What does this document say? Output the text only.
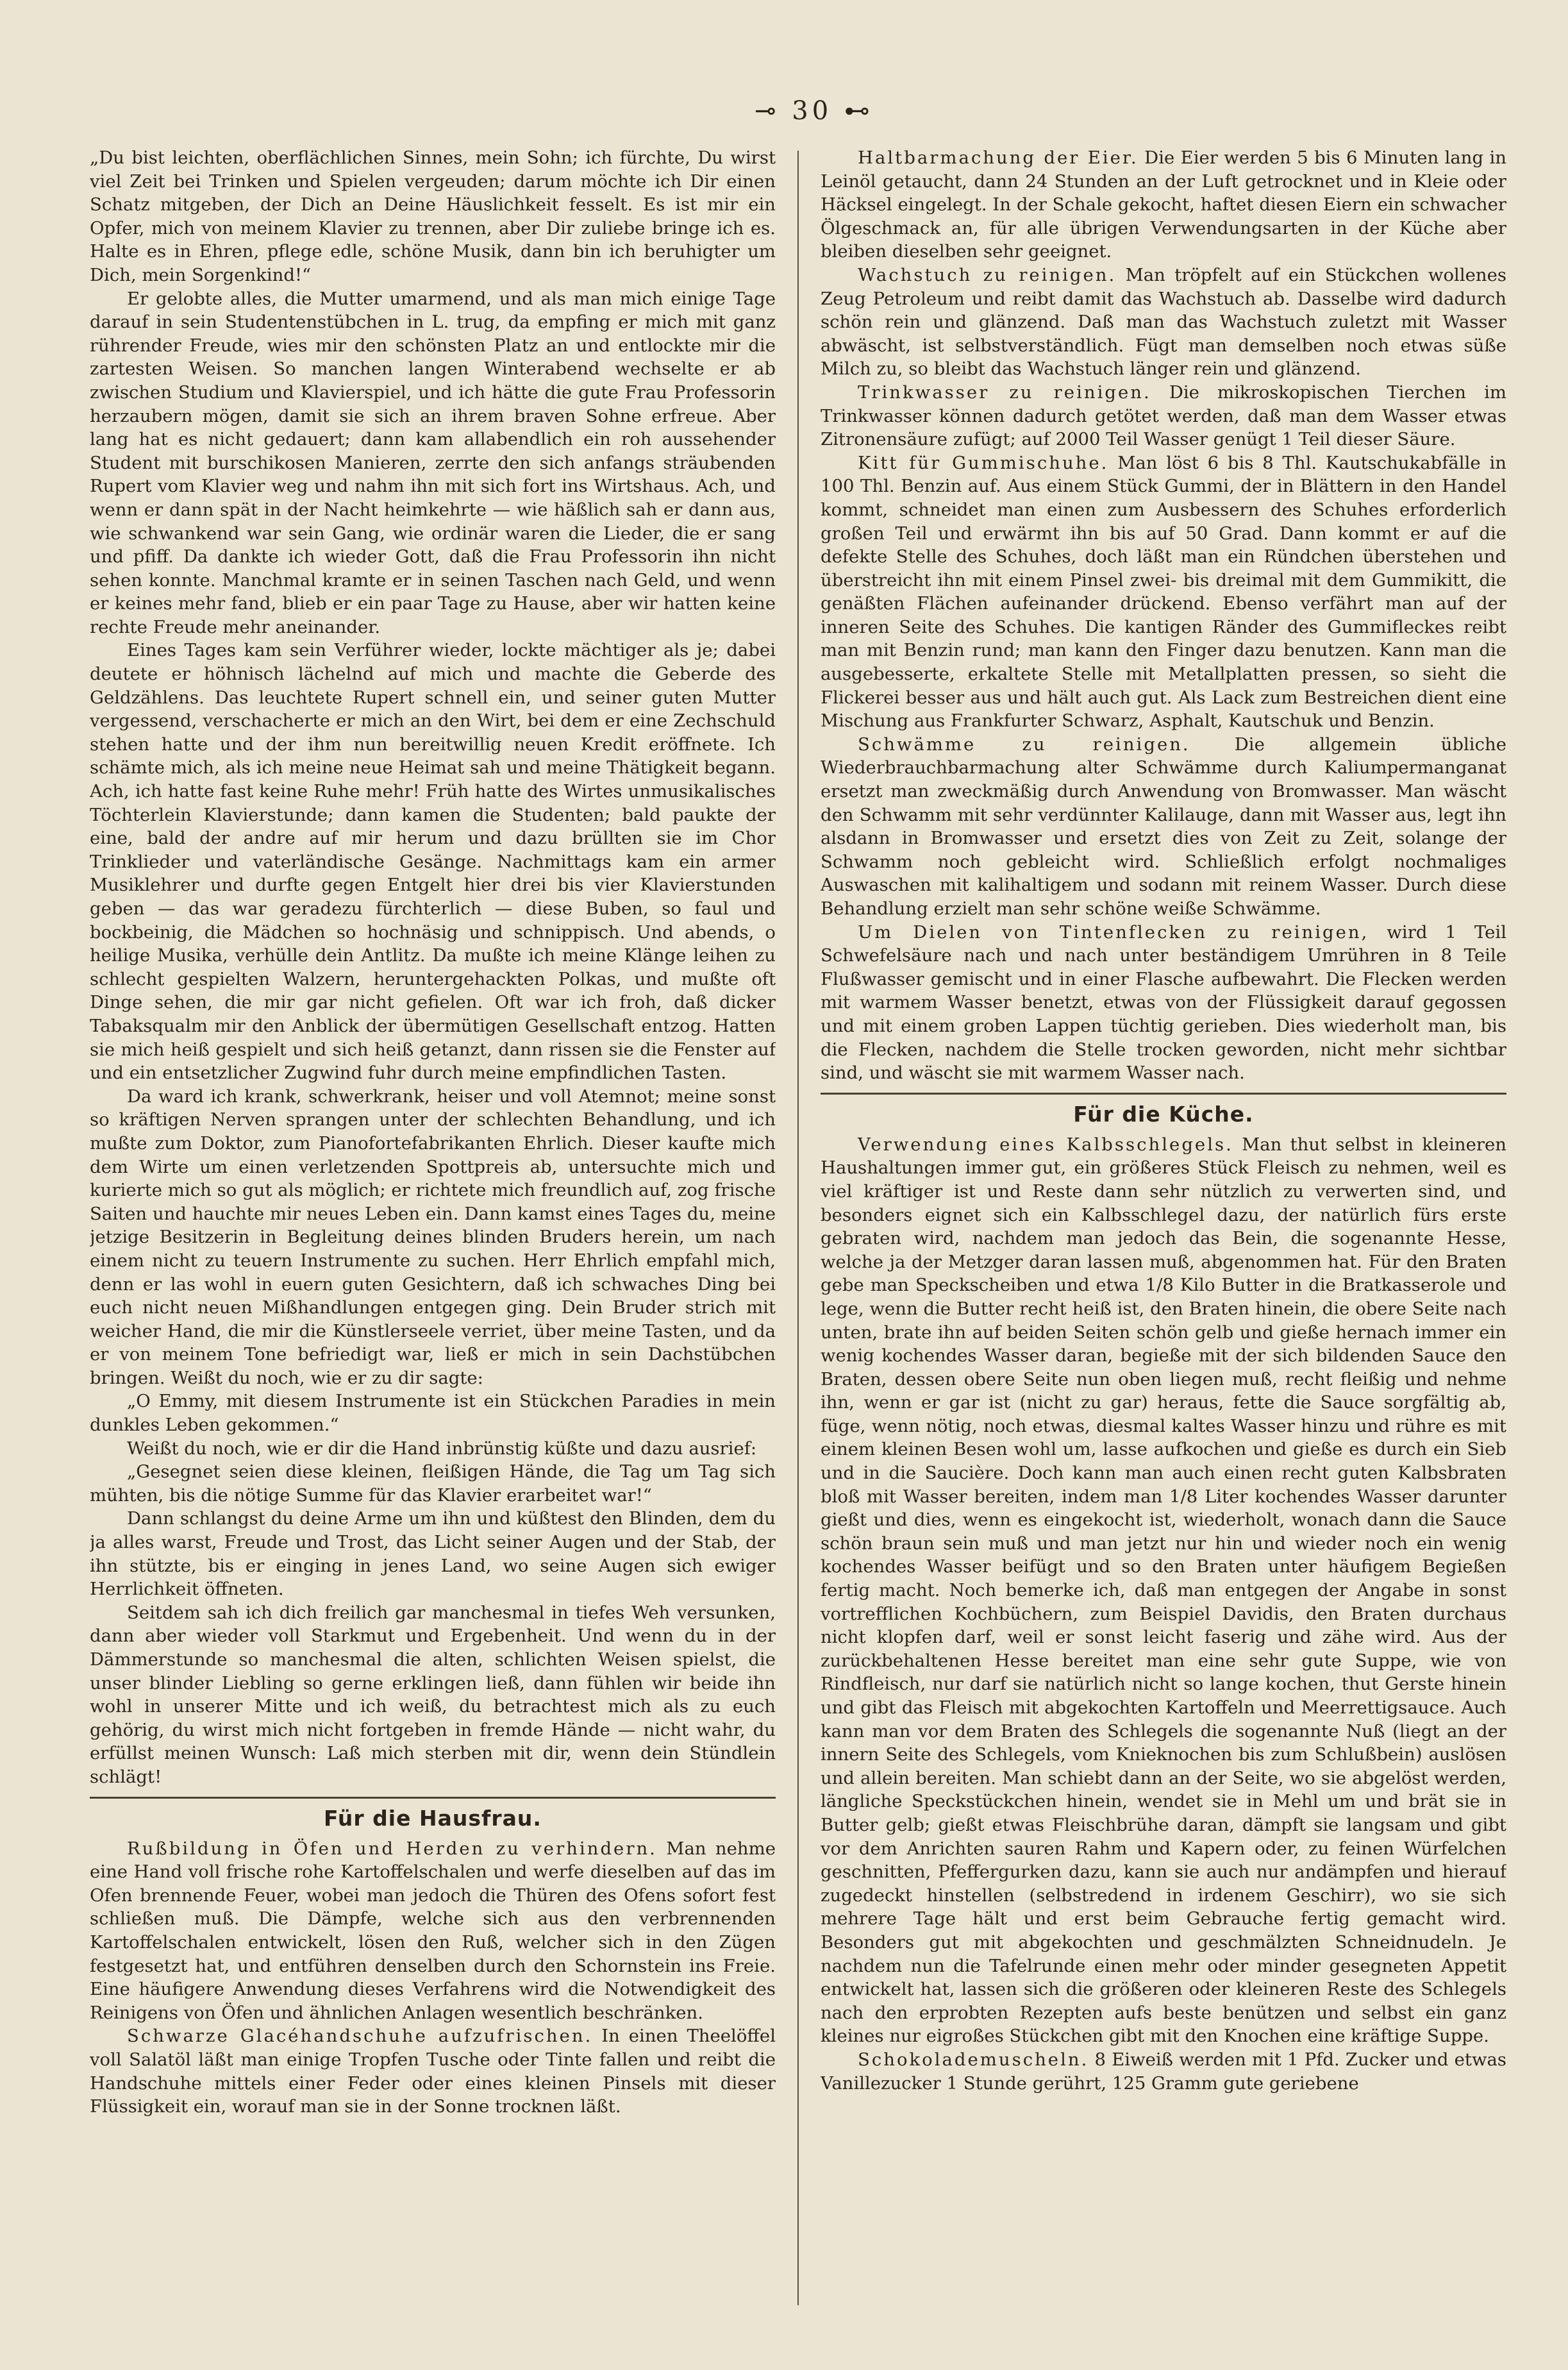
⊸ 30 ⊷

„Du bist leichten, oberflächlichen Sinnes, mein Sohn; ich fürchte, Du wirst viel Zeit bei Trinken und Spielen vergeuden; darum möchte ich Dir einen Schatz mitgeben, der Dich an Deine Häuslichkeit fesselt. Es ist mir ein Opfer, mich von meinem Klavier zu trennen, aber Dir zuliebe bringe ich es. Halte es in Ehren, pflege edle, schöne Musik, dann bin ich beruhigter um Dich, mein Sorgenkind!“

Er gelobte alles, die Mutter umarmend, und als man mich einige Tage darauf in sein Studentenstübchen in L. trug, da empfing er mich mit ganz rührender Freude, wies mir den schönsten Platz an und entlockte mir die zartesten Weisen. So manchen langen Winterabend wechselte er ab zwischen Studium und Klavierspiel, und ich hätte die gute Frau Professorin herzaubern mögen, damit sie sich an ihrem braven Sohne erfreue. Aber lang hat es nicht gedauert; dann kam allabendlich ein roh aussehender Student mit burschikosen Manieren, zerrte den sich anfangs sträubenden Rupert vom Klavier weg und nahm ihn mit sich fort ins Wirtshaus. Ach, und wenn er dann spät in der Nacht heimkehrte — wie häßlich sah er dann aus, wie schwankend war sein Gang, wie ordinär waren die Lieder, die er sang und pfiff. Da dankte ich wieder Gott, daß die Frau Professorin ihn nicht sehen konnte. Manchmal kramte er in seinen Taschen nach Geld, und wenn er keines mehr fand, blieb er ein paar Tage zu Hause, aber wir hatten keine rechte Freude mehr aneinander.

Eines Tages kam sein Verführer wieder, lockte mächtiger als je; dabei deutete er höhnisch lächelnd auf mich und machte die Geberde des Geldzählens. Das leuchtete Rupert schnell ein, und seiner guten Mutter vergessend, verschacherte er mich an den Wirt, bei dem er eine Zechschuld stehen hatte und der ihm nun bereitwillig neuen Kredit eröffnete. Ich schämte mich, als ich meine neue Heimat sah und meine Thätigkeit begann. Ach, ich hatte fast keine Ruhe mehr! Früh hatte des Wirtes unmusikalisches Töchterlein Klavierstunde; dann kamen die Studenten; bald paukte der eine, bald der andre auf mir herum und dazu brüllten sie im Chor Trinklieder und vaterländische Gesänge. Nachmittags kam ein armer Musiklehrer und durfte gegen Entgelt hier drei bis vier Klavierstunden geben — das war geradezu fürchterlich — diese Buben, so faul und bockbeinig, die Mädchen so hochnäsig und schnippisch. Und abends, o heilige Musika, verhülle dein Antlitz. Da mußte ich meine Klänge leihen zu schlecht gespielten Walzern, heruntergehackten Polkas, und mußte oft Dinge sehen, die mir gar nicht gefielen. Oft war ich froh, daß dicker Tabaksqualm mir den Anblick der übermütigen Gesellschaft entzog. Hatten sie mich heiß gespielt und sich heiß getanzt, dann rissen sie die Fenster auf und ein entsetzlicher Zugwind fuhr durch meine empfindlichen Tasten.

Da ward ich krank, schwerkrank, heiser und voll Atemnot; meine sonst so kräftigen Nerven sprangen unter der schlechten Behandlung, und ich mußte zum Doktor, zum Pianofortefabrikanten Ehrlich. Dieser kaufte mich dem Wirte um einen verletzenden Spottpreis ab, untersuchte mich und kurierte mich so gut als möglich; er richtete mich freundlich auf, zog frische Saiten und hauchte mir neues Leben ein. Dann kamst eines Tages du, meine jetzige Besitzerin in Begleitung deines blinden Bruders herein, um nach einem nicht zu teuern Instrumente zu suchen. Herr Ehrlich empfahl mich, denn er las wohl in euern guten Gesichtern, daß ich schwaches Ding bei euch nicht neuen Mißhandlungen entgegen ging. Dein Bruder strich mit weicher Hand, die mir die Künstlerseele verriet, über meine Tasten, und da er von meinem Tone befriedigt war, ließ er mich in sein Dachstübchen bringen. Weißt du noch, wie er zu dir sagte:

„O Emmy, mit diesem Instrumente ist ein Stückchen Paradies in mein dunkles Leben gekommen.“

Weißt du noch, wie er dir die Hand inbrünstig küßte und dazu ausrief:

„Gesegnet seien diese kleinen, fleißigen Hände, die Tag um Tag sich mühten, bis die nötige Summe für das Klavier erarbeitet war!“

Dann schlangst du deine Arme um ihn und küßtest den Blinden, dem du ja alles warst, Freude und Trost, das Licht seiner Augen und der Stab, der ihn stützte, bis er einging in jenes Land, wo seine Augen sich ewiger Herrlichkeit öffneten.

Seitdem sah ich dich freilich gar manchesmal in tiefes Weh versunken, dann aber wieder voll Starkmut und Ergebenheit. Und wenn du in der Dämmerstunde so manchesmal die alten, schlichten Weisen spielst, die unser blinder Liebling so gerne erklingen ließ, dann fühlen wir beide ihn wohl in unserer Mitte und ich weiß, du betrachtest mich als zu euch gehörig, du wirst mich nicht fortgeben in fremde Hände — nicht wahr, du erfüllst meinen Wunsch: Laß mich sterben mit dir, wenn dein Stündlein schlägt!

Für die Hausfrau.

Rußbildung in Öfen und Herden zu verhindern. Man nehme eine Hand voll frische rohe Kartoffelschalen und werfe dieselben auf das im Ofen brennende Feuer, wobei man jedoch die Thüren des Ofens sofort fest schließen muß. Die Dämpfe, welche sich aus den verbrennenden Kartoffelschalen entwickelt, lösen den Ruß, welcher sich in den Zügen festgesetzt hat, und entführen denselben durch den Schornstein ins Freie. Eine häufigere Anwendung dieses Verfahrens wird die Notwendigkeit des Reinigens von Öfen und ähnlichen Anlagen wesentlich beschränken.

Schwarze Glacéhandschuhe aufzufrischen. In einen Theelöffel voll Salatöl läßt man einige Tropfen Tusche oder Tinte fallen und reibt die Handschuhe mittels einer Feder oder eines kleinen Pinsels mit dieser Flüssigkeit ein, worauf man sie in der Sonne trocknen läßt.

Haltbarmachung der Eier. Die Eier werden 5 bis 6 Minuten lang in Leinöl getaucht, dann 24 Stunden an der Luft getrocknet und in Kleie oder Häcksel eingelegt. In der Schale gekocht, haftet diesen Eiern ein schwacher Ölgeschmack an, für alle übrigen Verwendungsarten in der Küche aber bleiben dieselben sehr geeignet.

Wachstuch zu reinigen. Man tröpfelt auf ein Stückchen wollenes Zeug Petroleum und reibt damit das Wachstuch ab. Dasselbe wird dadurch schön rein und glänzend. Daß man das Wachstuch zuletzt mit Wasser abwäscht, ist selbstverständlich. Fügt man demselben noch etwas süße Milch zu, so bleibt das Wachstuch länger rein und glänzend.

Trinkwasser zu reinigen. Die mikroskopischen Tierchen im Trinkwasser können dadurch getötet werden, daß man dem Wasser etwas Zitronensäure zufügt; auf 2000 Teil Wasser genügt 1 Teil dieser Säure.

Kitt für Gummischuhe. Man löst 6 bis 8 Thl. Kautschukabfälle in 100 Thl. Benzin auf. Aus einem Stück Gummi, der in Blättern in den Handel kommt, schneidet man einen zum Ausbessern des Schuhes erforderlich großen Teil und erwärmt ihn bis auf 50 Grad. Dann kommt er auf die defekte Stelle des Schuhes, doch läßt man ein Ründchen überstehen und überstreicht ihn mit einem Pinsel zwei- bis dreimal mit dem Gummikitt, die genäßten Flächen aufeinander drückend. Ebenso verfährt man auf der inneren Seite des Schuhes. Die kantigen Ränder des Gummifleckes reibt man mit Benzin rund; man kann den Finger dazu benutzen. Kann man die ausgebesserte, erkaltete Stelle mit Metallplatten pressen, so sieht die Flickerei besser aus und hält auch gut. Als Lack zum Bestreichen dient eine Mischung aus Frankfurter Schwarz, Asphalt, Kautschuk und Benzin.

Schwämme zu reinigen.	Die allgemein übliche Wiederbrauchbarmachung alter Schwämme durch Kaliumpermanganat ersetzt man zweckmäßig durch Anwendung von Bromwasser. Man wäscht den Schwamm mit sehr verdünnter Kalilauge, dann mit Wasser aus, legt ihn alsdann in Bromwasser und ersetzt dies von Zeit zu Zeit, solange der Schwamm noch gebleicht wird. Schließlich erfolgt nochmaliges Auswaschen mit kalihaltigem und sodann mit reinem Wasser. Durch diese Behandlung erzielt man sehr schöne weiße Schwämme.

Um Dielen von Tintenflecken zu reinigen, wird 1 Teil Schwefelsäure nach und nach unter beständigem Umrühren in 8 Teile Flußwasser gemischt und in einer Flasche aufbewahrt. Die Flecken werden mit warmem Wasser benetzt, etwas von der Flüssigkeit darauf gegossen und mit einem groben Lappen tüchtig gerieben. Dies wiederholt man, bis die Flecken, nachdem die Stelle trocken geworden, nicht mehr sichtbar sind, und wäscht sie mit warmem Wasser nach.

Für die Küche.

Verwendung eines Kalbsschlegels. Man thut selbst in kleineren Haushaltungen immer gut, ein größeres Stück Fleisch zu nehmen, weil es viel kräftiger ist und Reste dann sehr nützlich zu verwerten sind, und besonders eignet sich ein Kalbsschlegel dazu, der natürlich fürs erste gebraten wird, nachdem man jedoch das Bein, die sogenannte Hesse, welche ja der Metzger daran lassen muß, abgenommen hat. Für den Braten gebe man Speckscheiben und etwa 1/8 Kilo Butter in die Bratkasserole und lege, wenn die Butter recht heiß ist, den Braten hinein, die obere Seite nach unten, brate ihn auf beiden Seiten schön gelb und gieße hernach immer ein wenig kochendes Wasser daran, begieße mit der sich bildenden Sauce den Braten, dessen obere Seite nun oben liegen muß, recht fleißig und nehme ihn, wenn er gar ist (nicht zu gar) heraus, fette die Sauce sorgfältig ab, füge, wenn nötig, noch etwas, diesmal kaltes Wasser hinzu und rühre es mit einem kleinen Besen wohl um, lasse aufkochen und gieße es durch ein Sieb und in die Saucière. Doch kann man auch einen recht guten Kalbsbraten bloß mit Wasser bereiten, indem man 1/8 Liter kochendes Wasser darunter gießt und dies, wenn es eingekocht ist, wiederholt, wonach dann die Sauce schön braun sein muß und man jetzt nur hin und wieder noch ein wenig kochendes Wasser beifügt und so den Braten unter häufigem Begießen fertig macht. Noch bemerke ich, daß man entgegen der Angabe in sonst vortrefflichen Kochbüchern, zum Beispiel Davidis, den Braten durchaus nicht klopfen darf, weil er sonst leicht faserig und zähe wird. Aus der zurückbehaltenen Hesse bereitet man eine sehr gute Suppe, wie von Rindfleisch, nur darf sie natürlich nicht so lange kochen, thut Gerste hinein und gibt das Fleisch mit abgekochten Kartoffeln und Meerrettigsauce. Auch kann man vor dem Braten des Schlegels die sogenannte Nuß (liegt an der innern Seite des Schlegels, vom Knieknochen bis zum Schlußbein) auslösen und allein bereiten. Man schiebt dann an der Seite, wo sie abgelöst werden, längliche Speckstückchen hinein, wendet sie in Mehl um und brät sie in Butter gelb; gießt etwas Fleischbrühe daran, dämpft sie langsam und gibt vor dem Anrichten sauren Rahm und Kapern oder, zu feinen Würfelchen geschnitten, Pfeffergurken dazu, kann sie auch nur andämpfen und hierauf zugedeckt hinstellen (selbstredend in irdenem Geschirr), wo sie sich mehrere Tage hält und erst beim Gebrauche fertig gemacht wird. Besonders gut mit abgekochten und geschmälzten Schneidnudeln. Je nachdem nun die Tafelrunde einen mehr oder minder gesegneten Appetit entwickelt hat, lassen sich die größeren oder kleineren Reste des Schlegels nach den erprobten Rezepten aufs beste benützen und selbst ein ganz kleines nur eigroßes Stückchen gibt mit den Knochen eine kräftige Suppe.

Schokolademuscheln. 8 Eiweiß werden mit 1 Pfd. Zucker und etwas Vanillezucker 1 Stunde gerührt, 125 Gramm gute geriebene
